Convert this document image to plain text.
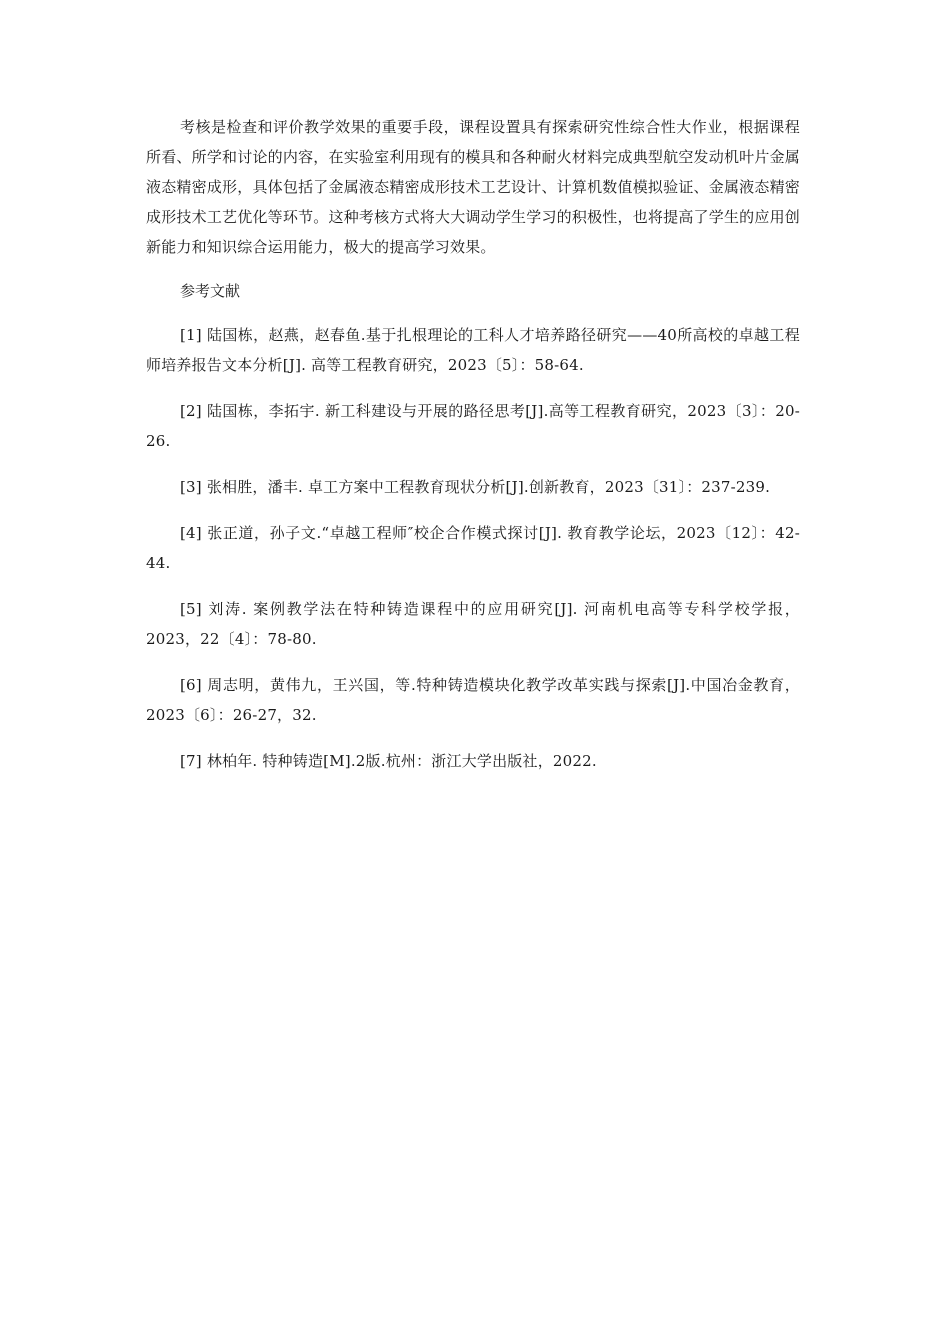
考核是检查和评价教学效果的重要手段，课程设置具有探索研究性综合性大作业，根据课程所看、所学和讨论的内容，在实验室利用现有的模具和各种耐火材料完成典型航空发动机叶片金属液态精密成形，具体包括了金属液态精密成形技术工艺设计、计算机数值模拟验证、金属液态精密成形技术工艺优化等环节。这种考核方式将大大调动学生学习的积极性，也将提高了学生的应用创新能力和知识综合运用能力，极大的提高学习效果。

参考文献

[1] 陆国栋，赵燕，赵春鱼.基于扎根理论的工科人才培养路径研究——40所高校的卓越工程师培养报告文本分析[J]. 高等工程教育研究，2023〔5〕：58-64.
[2] 陆国栋，李拓宇. 新工科建设与开展的路径思考[J].高等工程教育研究，2023〔3〕：20-26.
[3] 张相胜，潘丰. 卓工方案中工程教育现状分析[J].创新教育，2023〔31〕：237-239.
[4] 张正道，孙子文.“卓越工程师″校企合作模式探讨[J]. 教育教学论坛，2023〔12〕：42-44.
[5] 刘涛. 案例教学法在特种铸造课程中的应用研究[J]. 河南机电高等专科学校学报，2023，22〔4〕：78-80.
[6] 周志明，黄伟九，王兴国，等.特种铸造模块化教学改革实践与探索[J].中国冶金教育，2023〔6〕：26-27，32.
[7] 林柏年. 特种铸造[M].2版.杭州：浙江大学出版社，2022.
